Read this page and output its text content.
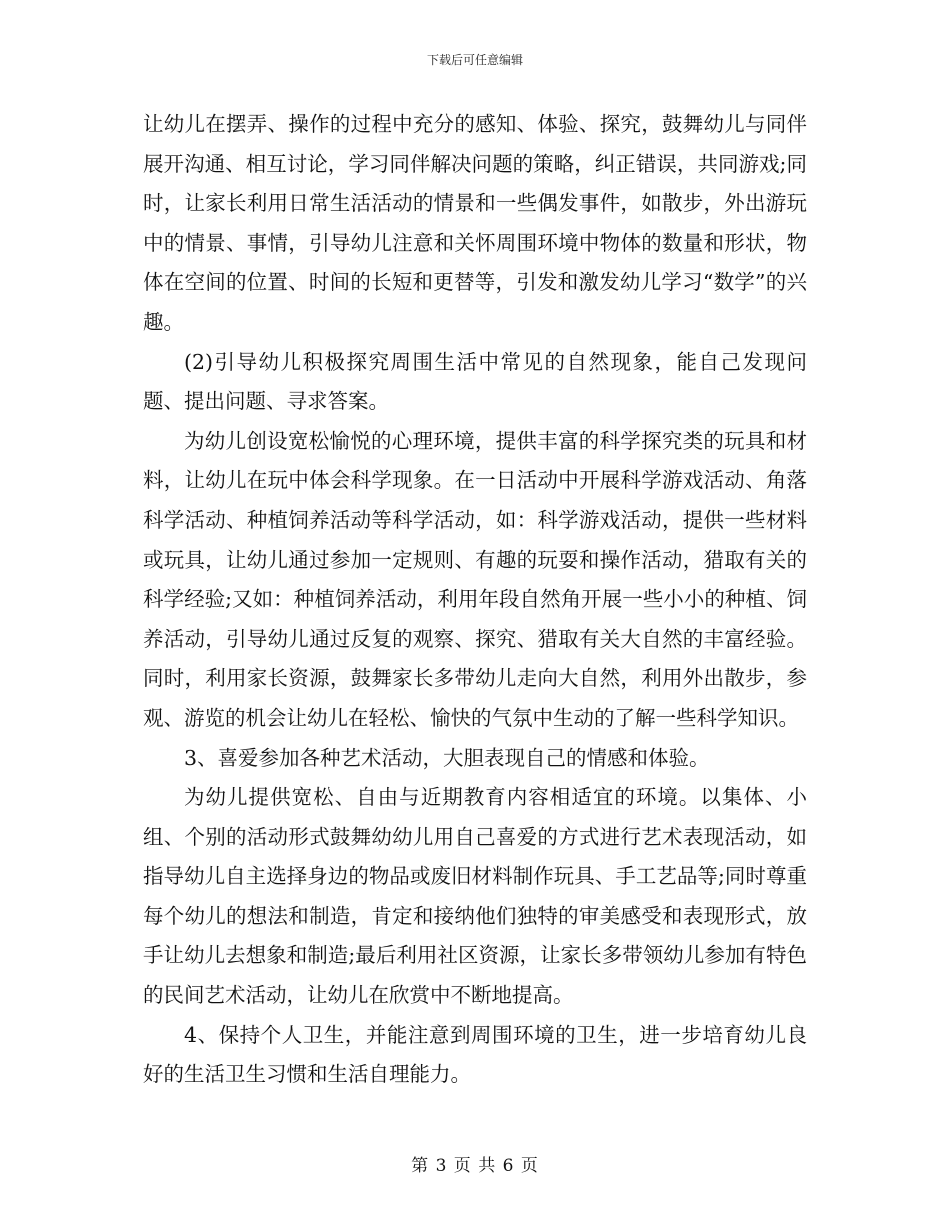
下载后可任意编辑

让幼儿在摆弄、操作的过程中充分的感知、体验、探究，鼓舞幼儿与同伴展开沟通、相互讨论，学习同伴解决问题的策略，纠正错误，共同游戏;同时，让家长利用日常生活活动的情景和一些偶发事件，如散步，外出游玩中的情景、事情，引导幼儿注意和关怀周围环境中物体的数量和形状，物体在空间的位置、时间的长短和更替等，引发和激发幼儿学习“数学”的兴趣。

(2)引导幼儿积极探究周围生活中常见的自然现象，能自己发现问题、提出问题、寻求答案。

为幼儿创设宽松愉悦的心理环境，提供丰富的科学探究类的玩具和材料，让幼儿在玩中体会科学现象。在一日活动中开展科学游戏活动、角落科学活动、种植饲养活动等科学活动，如：科学游戏活动，提供一些材料或玩具，让幼儿通过参加一定规则、有趣的玩耍和操作活动，猎取有关的科学经验;又如：种植饲养活动，利用年段自然角开展一些小小的种植、饲养活动，引导幼儿通过反复的观察、探究、猎取有关大自然的丰富经验。同时，利用家长资源，鼓舞家长多带幼儿走向大自然，利用外出散步，参观、游览的机会让幼儿在轻松、愉快的气氛中生动的了解一些科学知识。

3、喜爱参加各种艺术活动，大胆表现自己的情感和体验。

为幼儿提供宽松、自由与近期教育内容相适宜的环境。以集体、小组、个别的活动形式鼓舞幼幼儿用自己喜爱的方式进行艺术表现活动，如指导幼儿自主选择身边的物品或废旧材料制作玩具、手工艺品等;同时尊重每个幼儿的想法和制造，肯定和接纳他们独特的审美感受和表现形式，放手让幼儿去想象和制造;最后利用社区资源，让家长多带领幼儿参加有特色的民间艺术活动，让幼儿在欣赏中不断地提高。

4、保持个人卫生，并能注意到周围环境的卫生，进一步培育幼儿良好的生活卫生习惯和生活自理能力。

第 3 页 共 6 页
